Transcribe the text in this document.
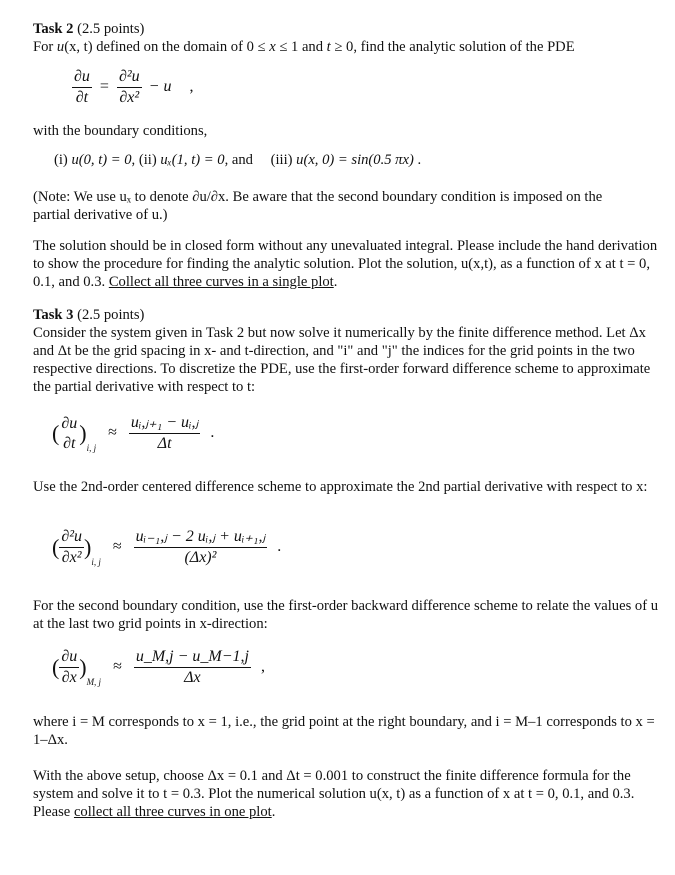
Task 2 (2.5 points)
For u(x, t) defined on the domain of 0 ≤ x ≤ 1 and t ≥ 0, find the analytic solution of the PDE
$\frac{\partial u}{\partial t} = \frac{\text{∂²u}}{\text{∂x²}} - u$ ,
with the boundary conditions,
(i) u(0, t) = 0, (ii) uₓ(1, t) = 0, and (iii) u(x, 0) = sin(0.5 πx) .
(Note: We use uₓ to denote ∂u/∂x. Be aware that the second boundary condition is imposed on the
partial derivative of u.)
The solution should be in closed form without any unevaluated integral. Please include the hand derivation to show the procedure for finding the analytic solution. Plot the solution, u(x,t), as a function of x at t = 0, 0.1, and 0.3. Collect all three curves in a single plot.
Task 3 (2.5 points)
Consider the system given in Task 2 but now solve it numerically by the finite difference method. Let Δx and Δt be the grid spacing in x- and t-direction, and "i" and "j" the indices for the grid points in the two respective directions. To discretize the PDE, use the first-order forward difference scheme to approximate the partial derivative with respect to t:
( ∂u
∂t )$_{i, j} \approx \frac{\text{uᵢ,ⱼ₊₁ − uᵢ,ⱼ}}{\Delta t}$ .
Use the 2nd-order centered difference scheme to approximate the 2nd partial derivative with respect to x:
( $\frac{\text{∂²u}}{\text{∂x²}} )_{i, j} \approx \frac{\text{uᵢ₋₁,ⱼ − 2 uᵢ,ⱼ + uᵢ₊₁,ⱼ}}{\text{(Δx)²}}$ .
For the second boundary condition, use the first-order backward difference scheme to relate the values of u at the last two grid points in x-direction:
( $\frac{\partial u}{\partial x} )_{M, j} \approx \frac{u\_M,j - u\_M-1,j}{\Delta x}$ ,
where i = M corresponds to x = 1, i.e., the grid point at the right boundary, and i = M–1 corresponds to x = 1–Δx.
With the above setup, choose Δx = 0.1 and Δt = 0.001 to construct the finite difference formula for the system and solve it to t = 0.3. Plot the numerical solution u(x, t) as a function of x at t = 0, 0.1, and 0.3. Please collect all three curves in one plot.
